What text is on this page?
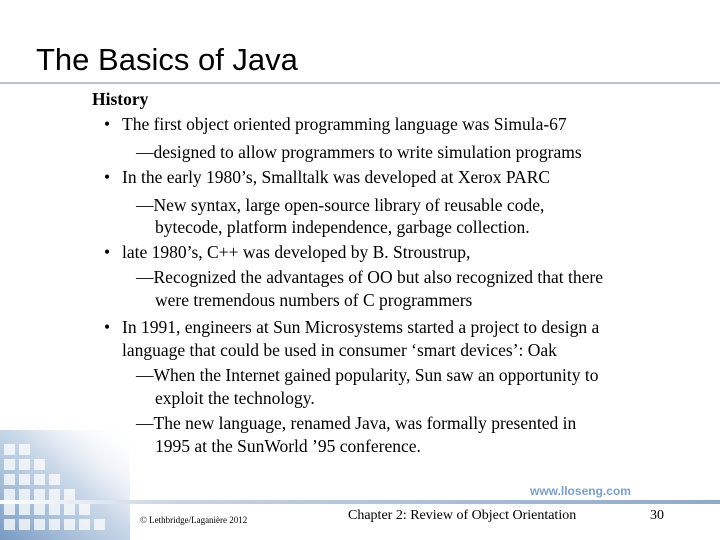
The Basics of Java
History
• The first object oriented programming language was Simula-67
—designed to allow programmers to write simulation programs
• In the early 1980’s, Smalltalk was developed at Xerox PARC
—New syntax, large open-source library of reusable code,
bytecode, platform independence, garbage collection.
• late 1980’s, C++ was developed by B. Stroustrup,
—Recognized the advantages of OO but also recognized that there
were tremendous numbers of C programmers
• In 1991, engineers at Sun Microsystems started a project to design a
language that could be used in consumer ‘smart devices’: Oak
—When the Internet gained popularity, Sun saw an opportunity to
exploit the technology.
—The new language, renamed Java, was formally presented in
1995 at the SunWorld ’95 conference.
www.lloseng.com
© Lethbridge/Laganière 2012	Chapter 2: Review of Object Orientation	30
